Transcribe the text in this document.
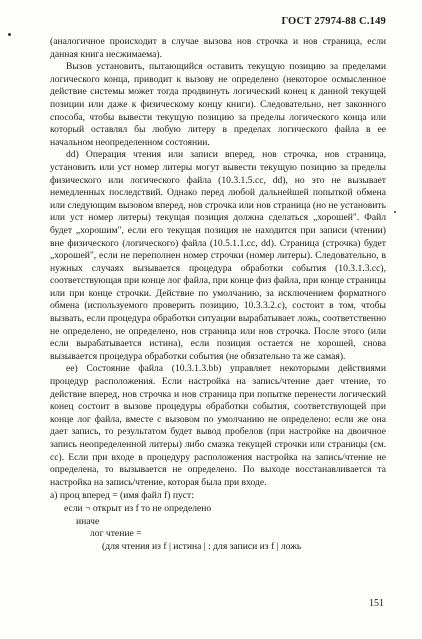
ГОСТ 27974-88 С.149

(аналогичное происходит в случае вызова нов строчка и нов страница, если данная книга несжимаема).

Вызов установить, пытающийся оставить текущую позицию за пределами логического конца, приводит к вызову не определено (некоторое осмысленное действие системы может тогда продвинуть логический конец к данной текущей позиции или даже к физическому концу книги). Следовательно, нет законного способа, чтобы вывести текущую позицию за пределы логического конца или который оставлял бы любую литеру в пределах логического файла в ее начальном неопределенном состоянии.

dd) Операция чтения или записи вперед, нов строчка, нов страница, установить или уст номер литеры могут вывести текущую позицию за пределы физического или логического файла (10.3.1.5.cc, dd), но это не вызывает немедленных последствий. Однако перед любой дальнейшей попыткой обмена или следующим вызовом вперед, нов строчка или нов страница (но не установить или уст номер литеры) текущая позиция должна сделаться „хорошей". Файл будет „хорошим", если его текущая позиция не находится при записи (чтении) вне физического (логического) файла (10.5.1.1.cc, dd). Страница (строчка) будет „хорошей", если не переполнен номер строчки (номер литеры). Следовательно, в нужных случаях вызывается процедура обработки события (10.3.1.3.cc), соответствующая при конце лог файла, при конце физ файла, при конце страницы или при конце строчки. Действие по умолчанию, за исключением форматного обмена (используемого проверить позицию, 10.3.3.2.c), состоит в том, чтобы вызвать, если процедура обработки ситуации вырабатывает ложь, соответственно не определено, не определено, нов страница или нов строчка. После этого (или если вырабатывается истина), если позиция остается не хорошей, снова вызывается процедура обработки события (не обязательно та же самая).

ee) Состояние файла (10.3.1.3.bb) управляет некоторыми действиями процедур расположения. Если настройка на запись/чтение дает чтение, то действие вперед, нов строчка и нов страница при попытке перенести логический конец состоит в вызове процедуры обработки события, соответствующей при конце лог файла, вместе с вызовом по умолчанию не определено: если же она дает запись, то результатом будет вывод пробелов (при настройке на двоичное запись неопределенной литеры) либо смазка текущей строчки или страницы (см. cc). Если при входе в процедуру расположения настройка на запись/чтение не определена, то вызывается не определено. По выходе восстанавливается та настройка на запись/чтение, которая была при входе.

a) проц вперед = (имя файл f) пуст:
если ¬ открыт из f то не определено
иначе
лог чтение =
(для чтения из f | истина | : для записи из f | ложь
151
